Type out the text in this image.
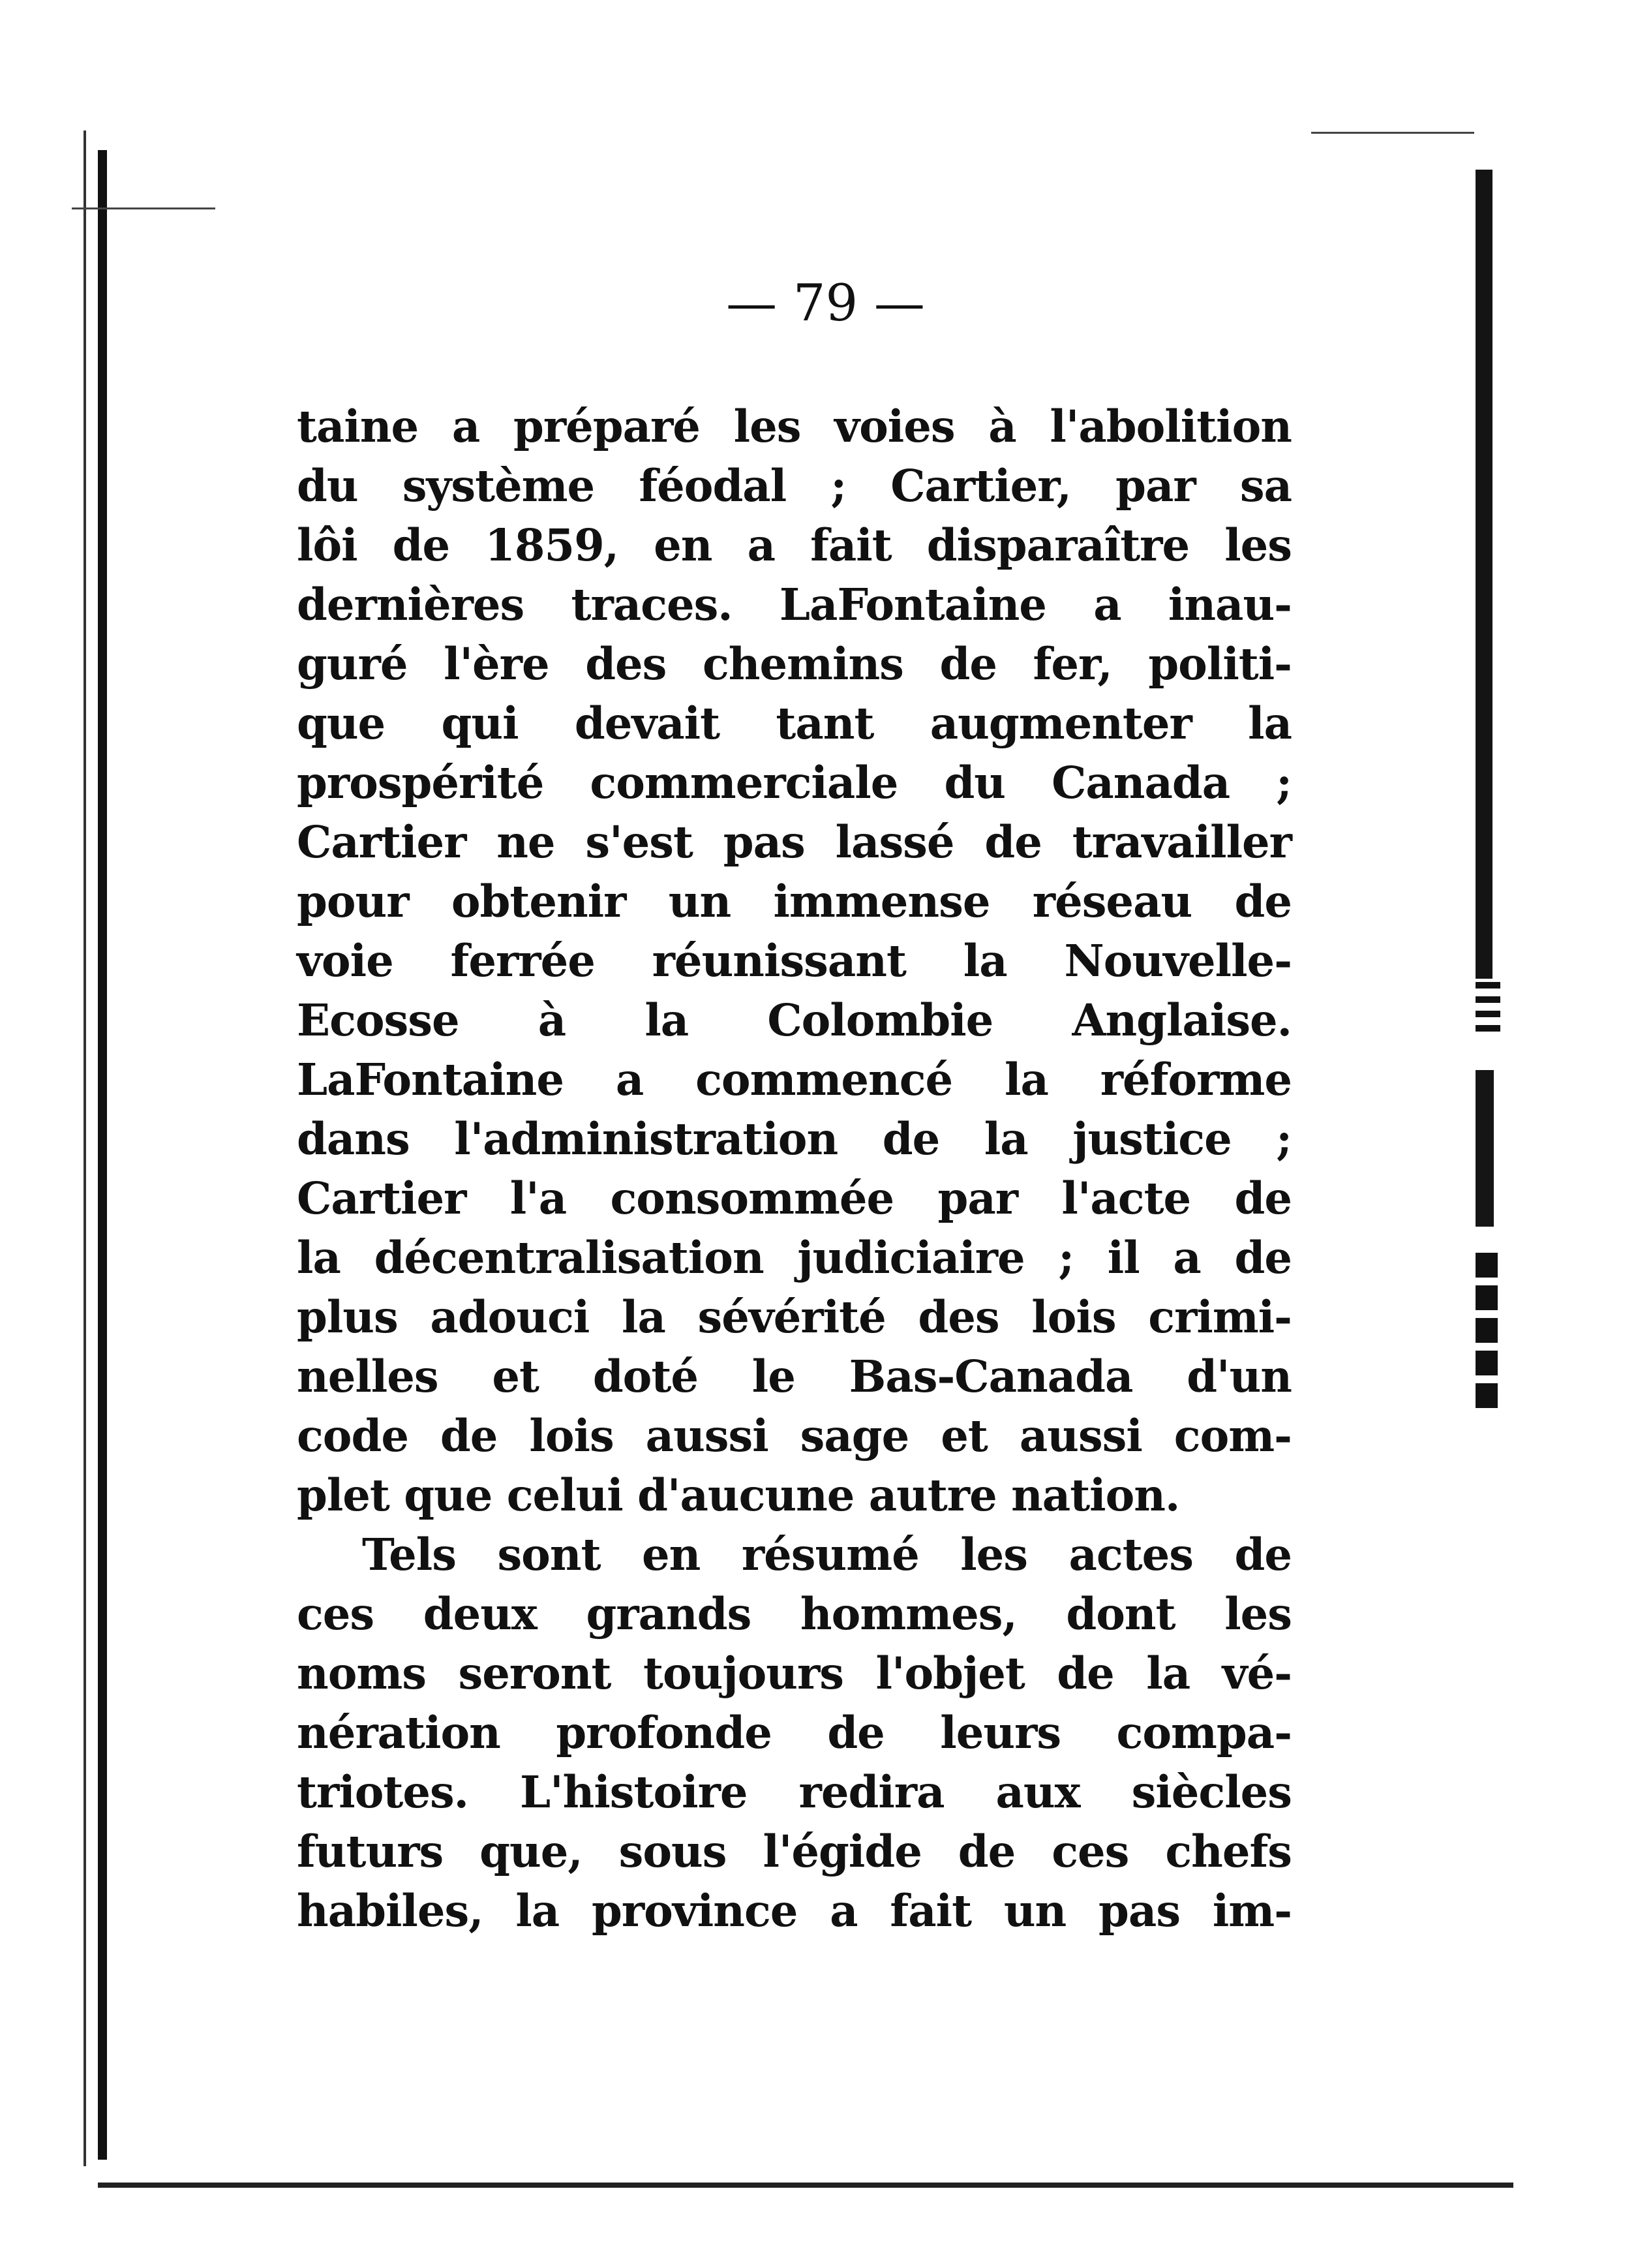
— 79 —
taine a préparé les voies à l'abolition
du système féodal ; Cartier, par sa
lôi de 1859, en a fait disparaître les
dernières traces. LaFontaine a inau-
guré l'ère des chemins de fer, politi-
que qui devait tant augmenter la
prospérité commerciale du Canada ;
Cartier ne s'est pas lassé de travailler
pour obtenir un immense réseau de
voie ferrée réunissant la Nouvelle-
Ecosse à la Colombie Anglaise.
LaFontaine a commencé la réforme
dans l'administration de la justice ;
Cartier l'a consommée par l'acte de
la décentralisation judiciaire ; il a de
plus adouci la sévérité des lois crimi-
nelles et doté le Bas-Canada d'un
code de lois aussi sage et aussi com-
plet que celui d'aucune autre nation.
Tels sont en résumé les actes de
ces deux grands hommes, dont les
noms seront toujours l'objet de la vé-
nération profonde de leurs compa-
triotes. L'histoire redira aux siècles
futurs que, sous l'égide de ces chefs
habiles, la province a fait un pas im-
